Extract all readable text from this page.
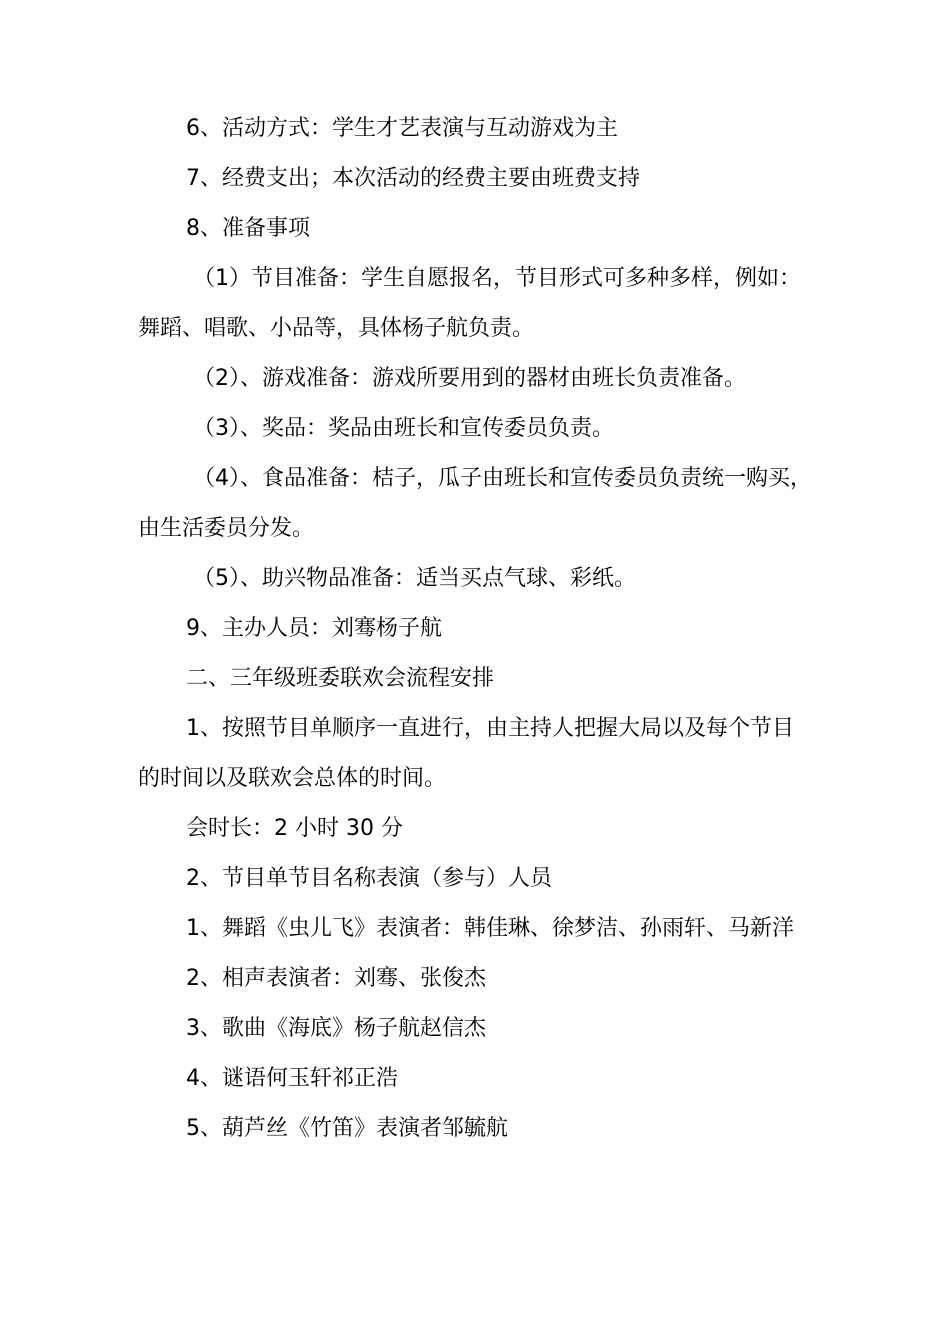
6、活动方式：学生才艺表演与互动游戏为主

7、经费支出；本次活动的经费主要由班费支持

8、准备事项

（1）节目准备：学生自愿报名，节目形式可多种多样，例如：舞蹈、唱歌、小品等，具体杨子航负责。

（2）、游戏准备：游戏所要用到的器材由班长负责准备。

（3）、奖品：奖品由班长和宣传委员负责。

（4）、食品准备：桔子，瓜子由班长和宣传委员负责统一购买，由生活委员分发。

（5）、助兴物品准备：适当买点气球、彩纸。

9、主办人员：刘骞杨子航

二、三年级班委联欢会流程安排

1、按照节目单顺序一直进行，由主持人把握大局以及每个节目的时间以及联欢会总体的时间。

会时长：2 小时 30 分

2、节目单节目名称表演（参与）人员

1、舞蹈《虫儿飞》表演者：韩佳琳、徐梦洁、孙雨轩、马新洋

2、相声表演者：刘骞、张俊杰

3、歌曲《海底》杨子航赵信杰

4、谜语何玉轩祁正浩

5、葫芦丝《竹笛》表演者邹毓航
